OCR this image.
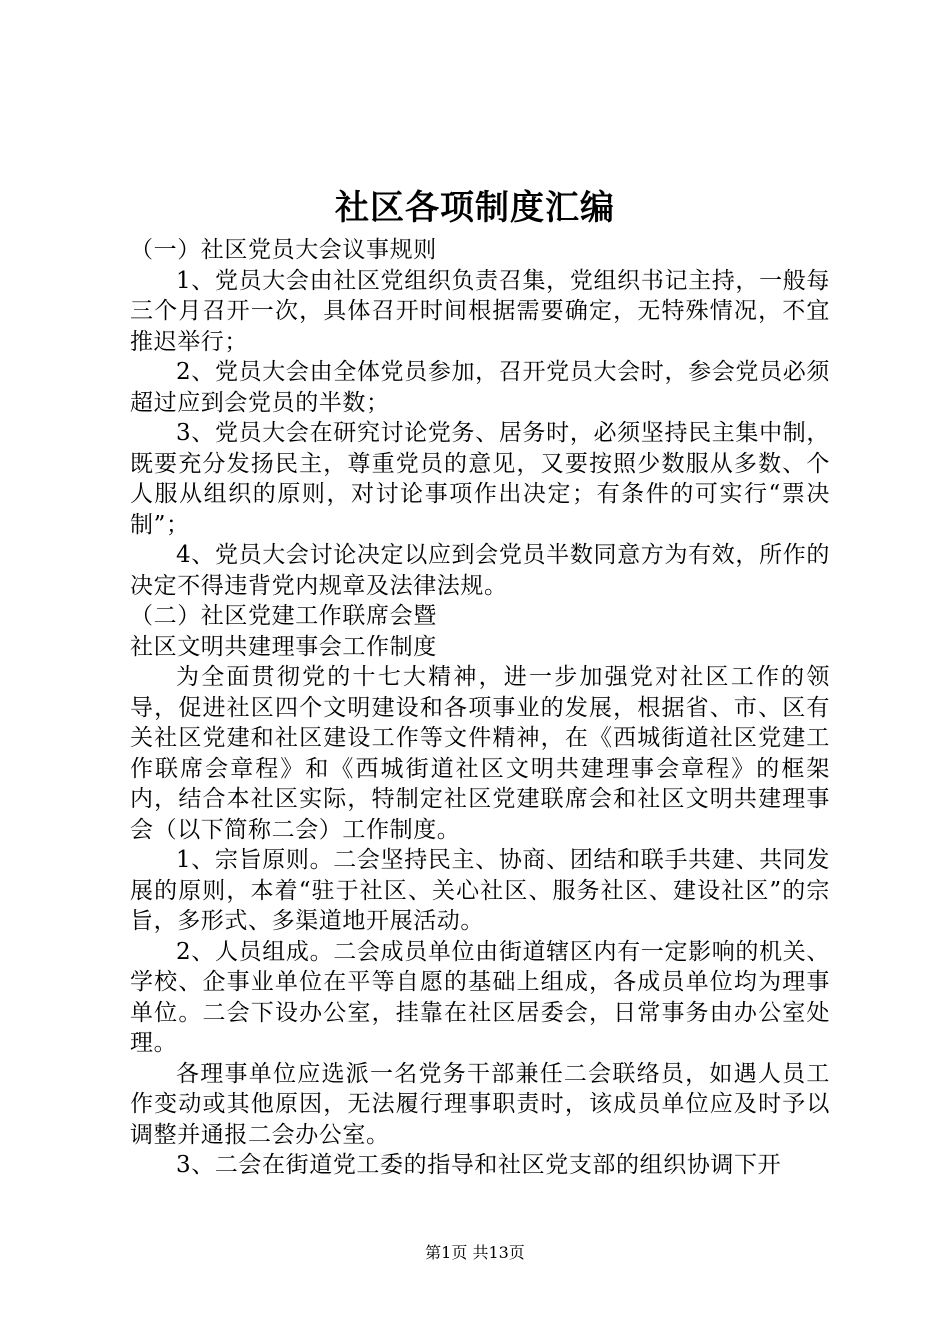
社区各项制度汇编

（一）社区党员大会议事规则

1、党员大会由社区党组织负责召集，党组织书记主持，一般每三个月召开一次，具体召开时间根据需要确定，无特殊情况，不宜推迟举行；

2、党员大会由全体党员参加，召开党员大会时，参会党员必须超过应到会党员的半数；

3、党员大会在研究讨论党务、居务时，必须坚持民主集中制，既要充分发扬民主，尊重党员的意见，又要按照少数服从多数、个人服从组织的原则，对讨论事项作出决定；有条件的可实行“票决制”；

4、党员大会讨论决定以应到会党员半数同意方为有效，所作的决定不得违背党内规章及法律法规。

（二）社区党建工作联席会暨

社区文明共建理事会工作制度

为全面贯彻党的十七大精神，进一步加强党对社区工作的领导，促进社区四个文明建设和各项事业的发展，根据省、市、区有关社区党建和社区建设工作等文件精神，在《西城街道社区党建工作联席会章程》和《西城街道社区文明共建理事会章程》的框架内，结合本社区实际，特制定社区党建联席会和社区文明共建理事会（以下简称二会）工作制度。

1、宗旨原则。二会坚持民主、协商、团结和联手共建、共同发展的原则，本着“驻于社区、关心社区、服务社区、建设社区”的宗旨，多形式、多渠道地开展活动。

2、人员组成。二会成员单位由街道辖区内有一定影响的机关、学校、企事业单位在平等自愿的基础上组成，各成员单位均为理事单位。二会下设办公室，挂靠在社区居委会，日常事务由办公室处理。

各理事单位应选派一名党务干部兼任二会联络员，如遇人员工作变动或其他原因，无法履行理事职责时，该成员单位应及时予以调整并通报二会办公室。

3、二会在街道党工委的指导和社区党支部的组织协调下开

第1页 共13页
